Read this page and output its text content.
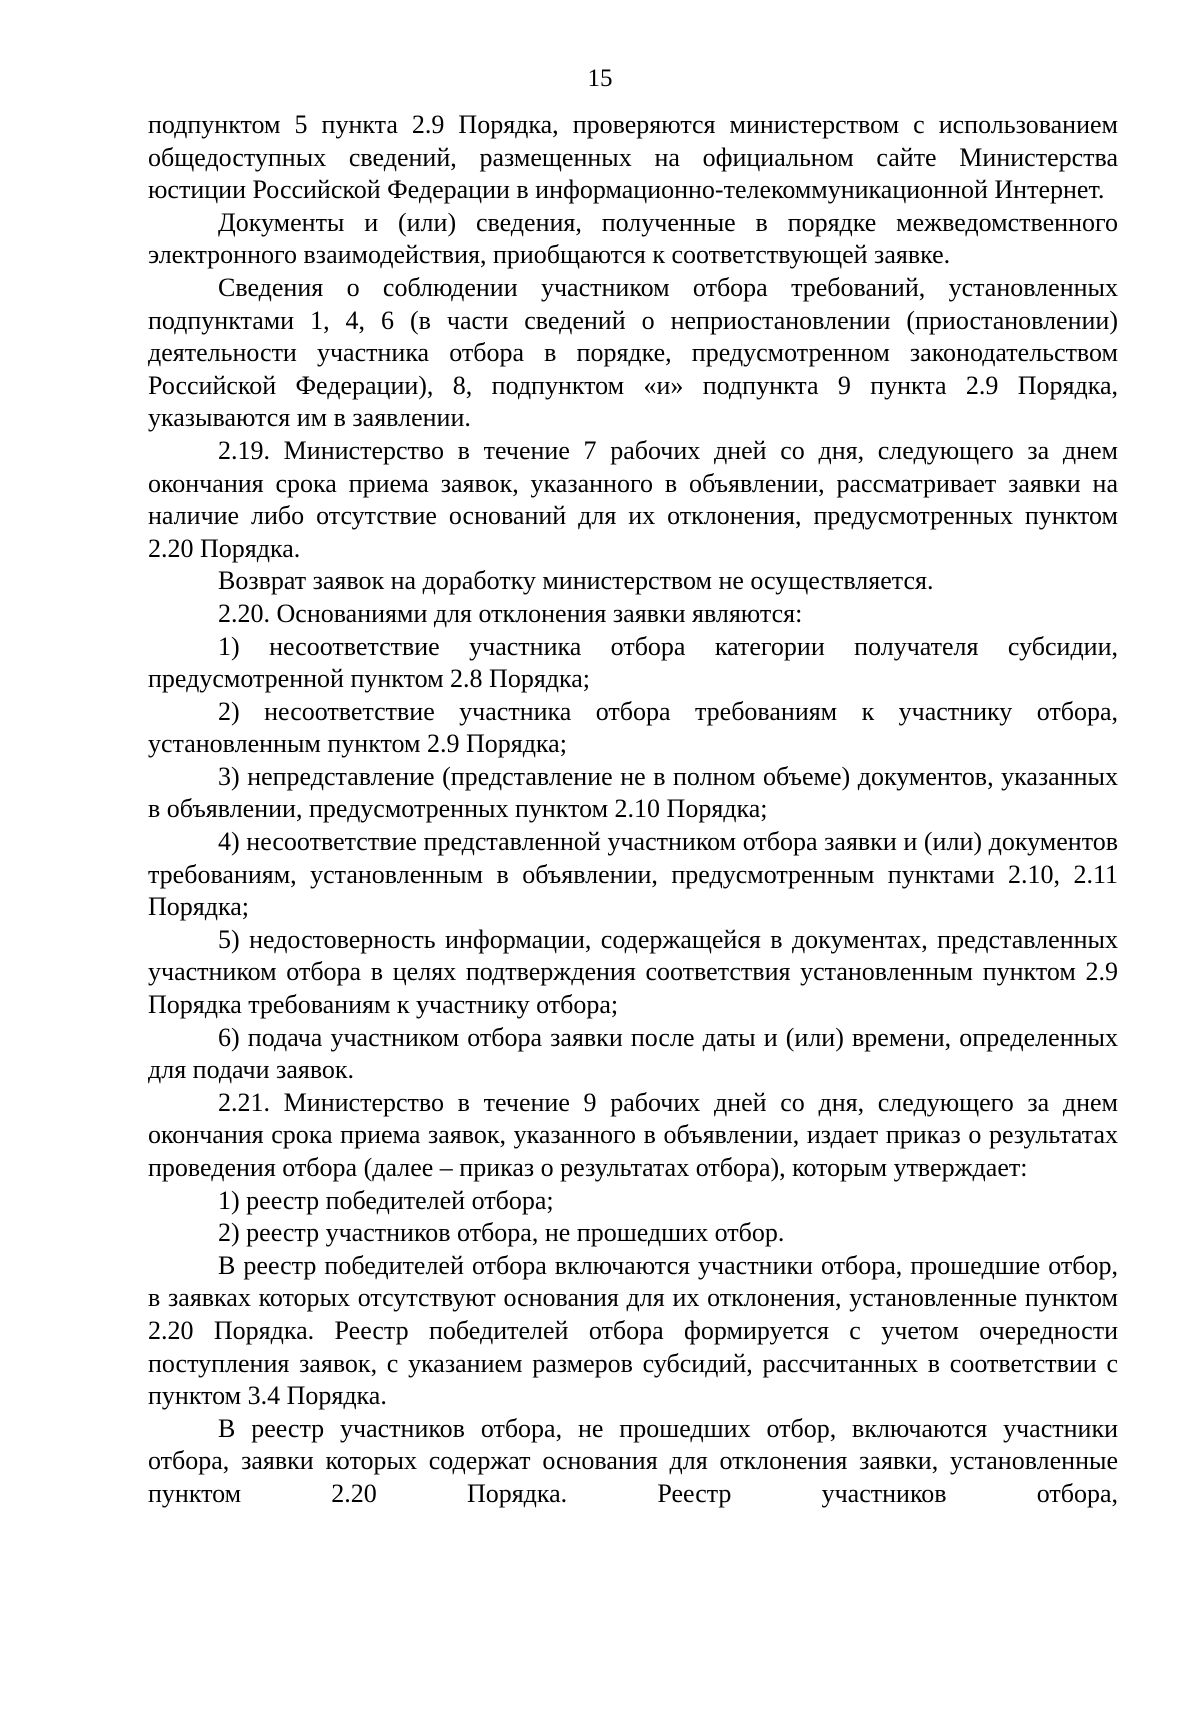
15

подпунктом 5 пункта 2.9 Порядка, проверяются министерством с использованием общедоступных сведений, размещенных на официальном сайте Министерства юстиции Российской Федерации в информационно-телекоммуникационной Интернет.

Документы и (или) сведения, полученные в порядке межведомственного электронного взаимодействия, приобщаются к соответствующей заявке.

Сведения о соблюдении участником отбора требований, установленных подпунктами 1, 4, 6 (в части сведений о неприостановлении (приостановлении) деятельности участника отбора в порядке, предусмотренном законодательством Российской Федерации), 8, подпунктом «и» подпункта 9 пункта 2.9 Порядка, указываются им в заявлении.

2.19. Министерство в течение 7 рабочих дней со дня, следующего за днем окончания срока приема заявок, указанного в объявлении, рассматривает заявки на наличие либо отсутствие оснований для их отклонения, предусмотренных пунктом 2.20 Порядка.

Возврат заявок на доработку министерством не осуществляется.

2.20. Основаниями для отклонения заявки являются:

1) несоответствие участника отбора категории получателя субсидии, предусмотренной пунктом 2.8 Порядка;

2) несоответствие участника отбора требованиям к участнику отбора, установленным пунктом 2.9 Порядка;

3) непредставление (представление не в полном объеме) документов, указанных в объявлении, предусмотренных пунктом 2.10 Порядка;

4) несоответствие представленной участником отбора заявки и (или) документов требованиям, установленным в объявлении, предусмотренным пунктами 2.10, 2.11 Порядка;

5) недостоверность информации, содержащейся в документах, представленных участником отбора в целях подтверждения соответствия установленным пунктом 2.9 Порядка требованиям к участнику отбора;

6) подача участником отбора заявки после даты и (или) времени, определенных для подачи заявок.

2.21. Министерство в течение 9 рабочих дней со дня, следующего за днем окончания срока приема заявок, указанного в объявлении, издает приказ о результатах проведения отбора (далее – приказ о результатах отбора), которым утверждает:

1) реестр победителей отбора;

2) реестр участников отбора, не прошедших отбор.

В реестр победителей отбора включаются участники отбора, прошедшие отбор, в заявках которых отсутствуют основания для их отклонения, установленные пунктом 2.20 Порядка. Реестр победителей отбора формируется с учетом очередности поступления заявок, с указанием размеров субсидий, рассчитанных в соответствии с пунктом 3.4 Порядка.

В реестр участников отбора, не прошедших отбор, включаются участники отбора, заявки которых содержат основания для отклонения заявки, установленные пунктом 2.20 Порядка. Реестр участников отбора,
